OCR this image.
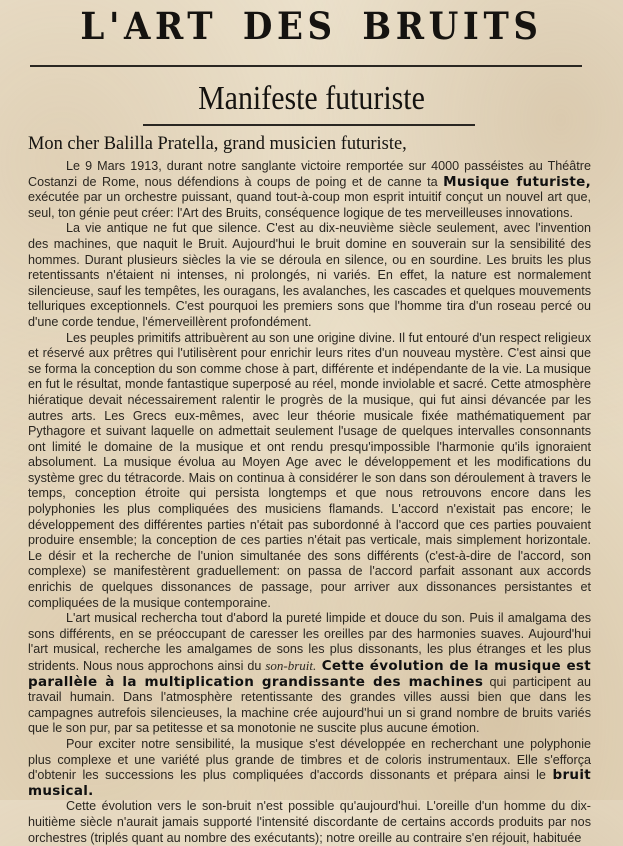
L'ART DES BRUITS
Manifeste futuriste
Mon cher Balilla Pratella, grand musicien futuriste,

Le 9 Mars 1913, durant notre sanglante victoire remportée sur 4000 passéistes au Théâtre Costanzi de Rome, nous défendions à coups de poing et de canne ta Musique futuriste, exécutée par un orchestre puissant, quand tout-à-coup mon esprit intuitif conçut un nouvel art que, seul, ton génie peut créer: l'Art des Bruits, conséquence logique de tes merveilleuses innovations.

La vie antique ne fut que silence. C'est au dix-neuvième siècle seulement, avec l'invention des machines, que naquit le Bruit. Aujourd'hui le bruit domine en souverain sur la sensibilité des hommes. Durant plusieurs siècles la vie se déroula en silence, ou en sourdine. Les bruits les plus retentissants n'étaient ni intenses, ni prolongés, ni variés. En effet, la nature est normalement silencieuse, sauf les tempêtes, les ouragans, les avalanches, les cascades et quelques mouvements telluriques exceptionnels. C'est pourquoi les premiers sons que l'homme tira d'un roseau percé ou d'une corde tendue, l'émerveillèrent profondément.

Les peuples primitifs attribuèrent au son une origine divine. Il fut entouré d'un respect religieux et réservé aux prêtres qui l'utilisèrent pour enrichir leurs rites d'un nouveau mystère. C'est ainsi que se forma la conception du son comme chose à part, différente et indépendante de la vie. La musique en fut le résultat, monde fantastique superposé au réel, monde inviolable et sacré. Cette atmosphère hiératique devait nécessairement ralentir le progrès de la musique, qui fut ainsi dévancée par les autres arts. Les Grecs eux-mêmes, avec leur théorie musicale fixée mathématiquement par Pythagore et suivant laquelle on admettait seulement l'usage de quelques intervalles consonnants ont limité le domaine de la musique et ont rendu presqu'impossible l'harmonie qu'ils ignoraient absolument. La musique évolua au Moyen Age avec le développement et les modifications du système grec du tétracorde. Mais on continua à considérer le son dans son déroulement à travers le temps, conception étroite qui persista longtemps et que nous retrouvons encore dans les polyphonies les plus compliquées des musiciens flamands. L'accord n'existait pas encore; le développement des différentes parties n'était pas subordonné à l'accord que ces parties pouvaient produire ensemble; la conception de ces parties n'était pas verticale, mais simplement horizontale. Le désir et la recherche de l'union simultanée des sons différents (c'est-à-dire de l'accord, son complexe) se manifestèrent graduellement: on passa de l'accord parfait assonant aux accords enrichis de quelques dissonances de passage, pour arriver aux dissonances persistantes et compliquées de la musique contemporaine.

L'art musical rechercha tout d'abord la pureté limpide et douce du son. Puis il amalgama des sons différents, en se préoccupant de caresser les oreilles par des harmonies suaves. Aujourd'hui l'art musical, recherche les amalgames de sons les plus dissonants, les plus étranges et les plus stridents. Nous nous approchons ainsi du son-bruit. Cette évolution de la musique est parallèle à la multiplication grandissante des machines qui participent au travail humain. Dans l'atmosphère retentissante des grandes villes aussi bien que dans les campagnes autrefois silencieuses, la machine crée aujourd'hui un si grand nombre de bruits variés que le son pur, par sa petitesse et sa monotonie ne suscite plus aucune émotion.

Pour exciter notre sensibilité, la musique s'est développée en recherchant une polyphonie plus complexe et une variété plus grande de timbres et de coloris instrumentaux. Elle s'efforça d'obtenir les successions les plus compliquées d'accords dissonants et prépara ainsi le bruit musical.

Cette évolution vers le son-bruit n'est possible qu'aujourd'hui. L'oreille d'un homme du dix-huitième siècle n'aurait jamais supporté l'intensité discordante de certains accords produits par nos orchestres (triplés quant au nombre des exécutants); notre oreille au contraire s'en réjouit, habituée
